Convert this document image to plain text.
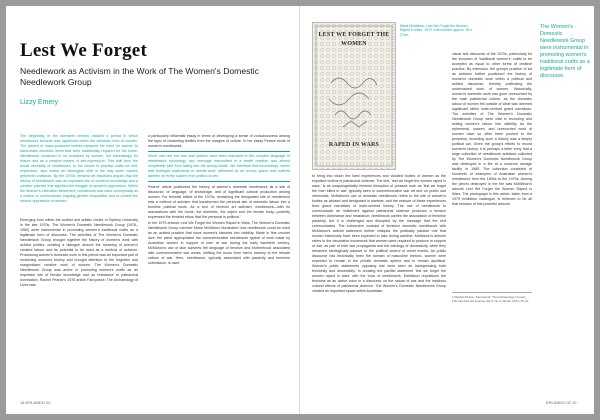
Lest We Forget
Needlework as Activism in the Work of The Women's Domestic Needlework Group
Lizzy Emery

The beginning of the twentieth century marked a period in which needlework became less significant within the domestic lives of women. The advent of mass-produced textiles replaced the need for women to hand-make domestic items that were traditionally required for the home. Needlework continued to be practised by women, but increasingly for leisure and as a creative means of self-expression. This shift from the social necessity of needlework, to the choice to practise crafts for self-expression, also marks an ideological shift in the way some women perceived craftwork. By the 1970s, feminist art historians argued that the history of needlework was an important site of women's knowledge and a creative practice that signified the struggle of women's oppression. Within the Women's Liberation Movement, needlework was used conceptually as a means to communicate ongoing gender inequalities and to protest the historic oppression of women.

Emerging from within the activist and artistic circles of Sydney University in the late 1970s, The Women's Domestic Needlework Group (1976–1980) were instrumental in promoting women's traditional crafts as a legitimate form of discourse. The activities of The Women's Domestic Needlework Group brought together the history of women's work with activist politics, creating a dialogue around the meaning of women's creative labour and its potential to be used as a method of activism. Processing women's domestic work in this period was an important part of reclaiming women's history and brought attention to the forgotten and marginalised creative work of women. The Women's Domestic Needlework Group was active in promoting women's crafts as an important site of female knowledge and as resistance to patriarchal domination. Rachel Pearce's 1976 article Fancywork: The Archaeology of Lives was

a particularly influential essay in terms of developing a sense of consciousness among the topic of reclaiming textiles from the margins of culture. In her essay Pearce wrote of women's needlework,

Since men are not now and seldom have been educated in the complex language of needlework symbology, any message transmitted in a textile medium was almost completely safe from falling into the wrong hands. We therefore find thrummings, haxes and forthright statements in needle-work, delivered by an across space and outlived barriers on every subject from politics to sex.

Pearce' article positioned the history of women's domestic needlework as a site of discourse, of language, of knowledge, and of significant cultural production among women. For feminist artists of the 1970s, reclaiming the designated site of needlework was a method of activism that transformed the personal site of domestic labour into a frontline political issue. As a tool of feminist art activism, needlework—with its associations with the home, the domestic, the object and the female body—potently expressed the feminist ethos that 'the personal is political.'

In her 1979 artwork Lest We Forget the Women Raped in Wars, The Women's Domestic Needlework Group member Marie McMahon illuminated how needlework could be used as an activist practice that wove women's histories into visibility. Made in fine crochet lace, the piece appropriated the commemorative needlework typical of work made by Australian women in support of men at war during the early twentieth century. McMahon's use of lace subverts the language of heroism and brotherhood associated with commemorative war works, shifting the focus from men's bravery to the female victims of war. Here, needlework, typically associated with passivity and feminine submission, is used

18 ERLANDO 02
LEST WE FORGET THE WOMEN
RAPED IN WARS
Marie McMahon, Lest We Forget the Women Raped in Wars, 1979, Knit crochet, approx. 26 x 27cm.

to bring into vision the lived experiences and violated bodies of women as the exploited victims of patriarchal violence. The text, 'lest we forget the women raped in wars,' is an unapologetically feminist disruption of phrases such as 'lest we forget the men killed in war' typically seen in commemorative war art and on public war memorials. McMahon's use of domestic needlework refers to the site of women's bodies as abused and denigrated in wartime, and the erasure of these experiences from grand narratives of male-centred history. The use of needlework to communicate an indictment against patriarchal violence produces a tension between dominance and resistance; needlework carries the association of feminine passivity, but it is challenged and disrupted by the message that the text communicates. The subversive contrast of feminine domestic needlework with McMahon's activist statement further critiques the politically passive role that women historically have been expected to take during wartime. McMahon's artwork refers to the decorative housework that women were required to produce in support of war, as part of both war propaganda and the ideology of domesticity, while they remained ideologically passive to the political control of world events. As public discourse has historically been the domain of masculine rhetoric, women were expected to remain in the private domestic sphere and to remain apolitical. Women's public statements opposing war were seen as transgressing both femininity and domesticity. In creating the pacifist statement 'lest we forget the women raped in wars' with the tools of needlework, McMahon repositions the feminine as an active voice in a discourse on the nature of war and the insidious cultural effects of patriarchal violence. The Women's Domestic Needlework Group created an important space within Australian

visual arts discourse of the 1970s, particularly for the inclusion of 'traditional women's' crafts to be accepted as equal to other forms of creative practice. By extension, the group's practice of art as activism further positioned the history of women's domestic work within a political and activist discourse; thereby politicising the undervalued work of women. Historically, women's domestic work has gone unrecorded by the main patriarchal culture, as the domestic labour of women fell outside of what was deemed significant within male-centred grand narratives. The activities of The Women's Domestic Needlework Group were vital in recording and writing women's labour into visibility. As the ephemeral, unseen, and unrecorded work of women have so often been pushed to the periphery, recording such a history was a deeply political act. Given the group's efforts to record women's history, it is perhaps a bitter irony that a large collection of needlework artefacts collected by The Women's Domestic Needlework Group was destroyed in a fire at a museum storage facility in 1985. The collection consisted of hundreds of examples of Australian women's needlework from the 1800s to the 1970s. Among the pieces destroyed in the fire was McMahon's artwork Lest We Forget the Women Raped in Wars. The photograph in this article, taken from a 1979 exhibition catalogue, is believed to be all that remains of this powerful artwork.

1 Rachel Pearce, Fancywork: The Archaeology of Lives, The Feminist Art Journal, Vol 3, No 4, Winter 1974–75, p1.
The Women's Domestic Needlework Group were instrumental in promoting women's traditional crafts as a legitimate form of discourse.
ERLANDO 02 19
